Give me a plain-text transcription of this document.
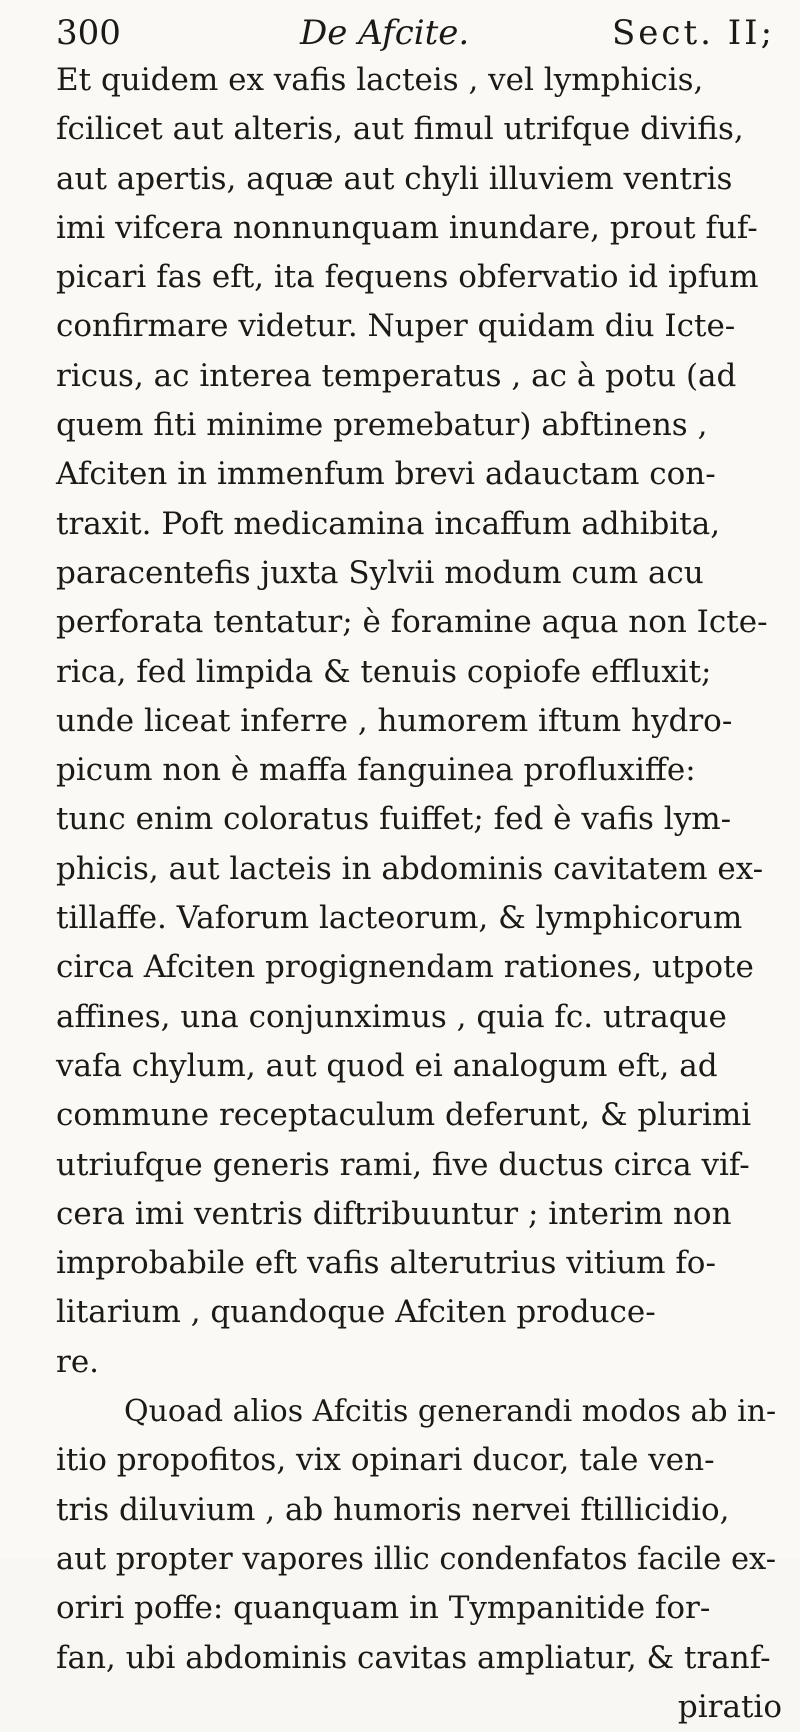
300	De Afcite.	Sect. II;
Et quidem ex vafis lacteis , vel lymphicis,
fcilicet aut alteris, aut fimul utrifque divifis,
aut apertis, aquæ aut chyli illuviem ventris
imi vifcera nonnunquam inundare, prout fuf-
picari fas eft, ita fequens obfervatio id ipfum
confirmare videtur. Nuper quidam diu Icte-
ricus, ac interea temperatus , ac à potu (ad
quem fiti minime premebatur) abftinens ,
Afciten in immenfum brevi adauctam con-
traxit. Poft medicamina incaffum adhibita,
paracentefis juxta Sylvii modum cum acu
perforata tentatur; è foramine aqua non Icte-
rica, fed limpida & tenuis copiofe effluxit;
unde liceat inferre , humorem iftum hydro-
picum non è maffa fanguinea profluxiffe:
tunc enim coloratus fuiffet; fed è vafis lym-
phicis, aut lacteis in abdominis cavitatem ex-
tillaffe. Vaforum lacteorum, & lymphicorum
circa Afciten progignendam rationes, utpote
affines, una conjunximus , quia fc. utraque
vafa chylum, aut quod ei analogum eft, ad
commune receptaculum deferunt, & plurimi
utriufque generis rami, five ductus circa vif-
cera imi ventris diftribuuntur ; interim non
improbabile eft vafis alterutrius vitium fo-
litarium , quandoque Afciten produce-
re.
Quoad alios Afcitis generandi modos ab in-
itio propofitos, vix opinari ducor, tale ven-
tris diluvium , ab humoris nervei ftillicidio,
aut propter vapores illic condenfatos facile ex-
oriri poffe: quanquam in Tympanitide for-
fan, ubi abdominis cavitas ampliatur, & tranf-
piratio
